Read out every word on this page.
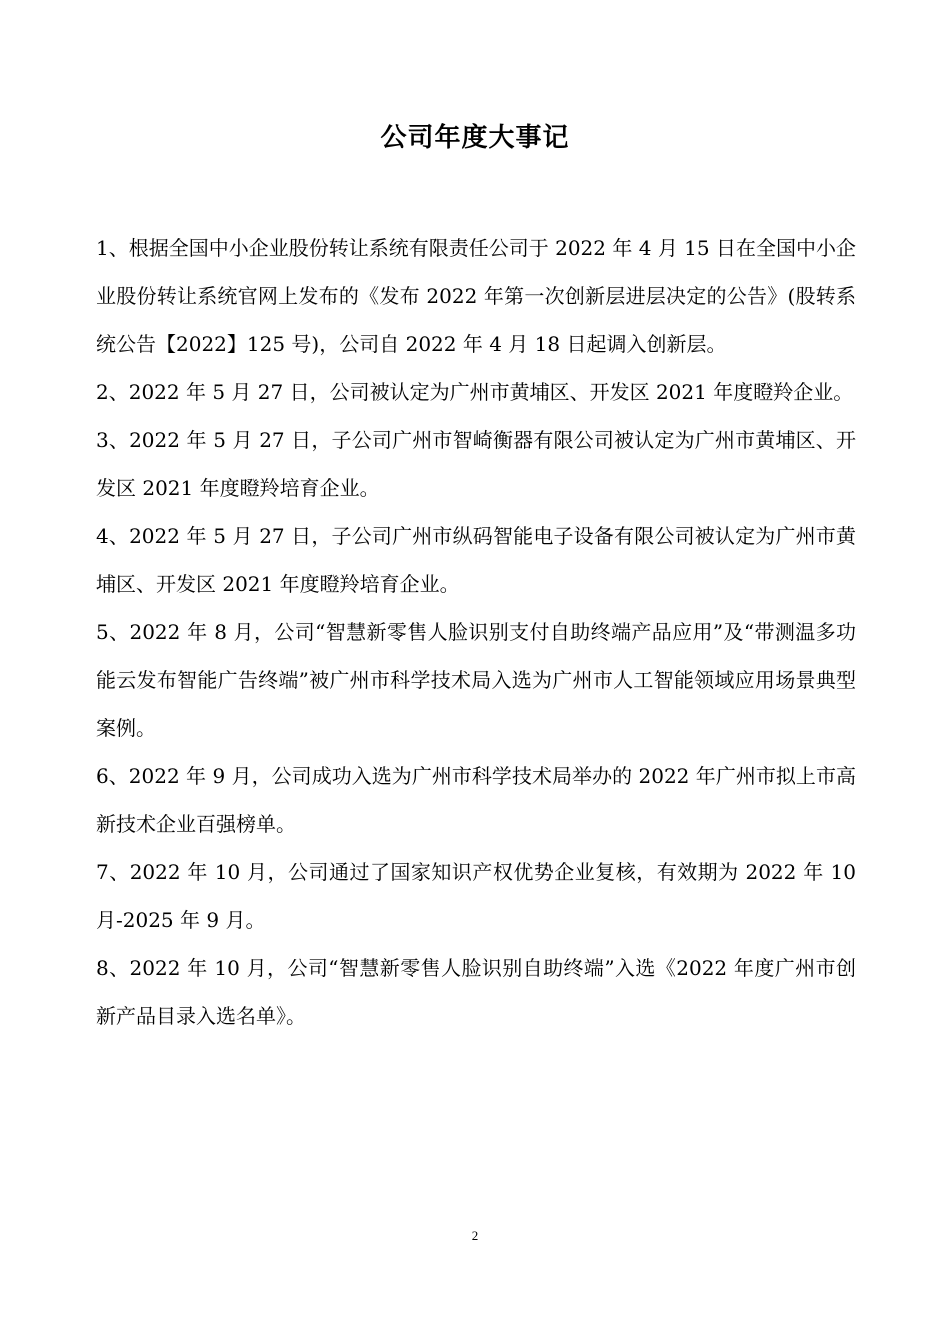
公司年度大事记

1、根据全国中小企业股份转让系统有限责任公司于 2022 年 4 月 15 日在全国中小企业股份转让系统官网上发布的《发布 2022 年第一次创新层进层决定的公告》(股转系统公告【2022】125 号)，公司自 2022 年 4 月 18 日起调入创新层。

2、2022 年 5 月 27 日，公司被认定为广州市黄埔区、开发区 2021 年度瞪羚企业。

3、2022 年 5 月 27 日，子公司广州市智崎衡器有限公司被认定为广州市黄埔区、开发区 2021 年度瞪羚培育企业。

4、2022 年 5 月 27 日，子公司广州市纵码智能电子设备有限公司被认定为广州市黄埔区、开发区 2021 年度瞪羚培育企业。

5、2022 年 8 月，公司“智慧新零售人脸识别支付自助终端产品应用”及“带测温多功能云发布智能广告终端”被广州市科学技术局入选为广州市人工智能领域应用场景典型案例。

6、2022 年 9 月，公司成功入选为广州市科学技术局举办的 2022 年广州市拟上市高新技术企业百强榜单。

7、2022 年 10 月，公司通过了国家知识产权优势企业复核，有效期为 2022 年 10 月-2025 年 9 月。

8、2022 年 10 月，公司“智慧新零售人脸识别自助终端”入选《2022 年度广州市创新产品目录入选名单》。

2
